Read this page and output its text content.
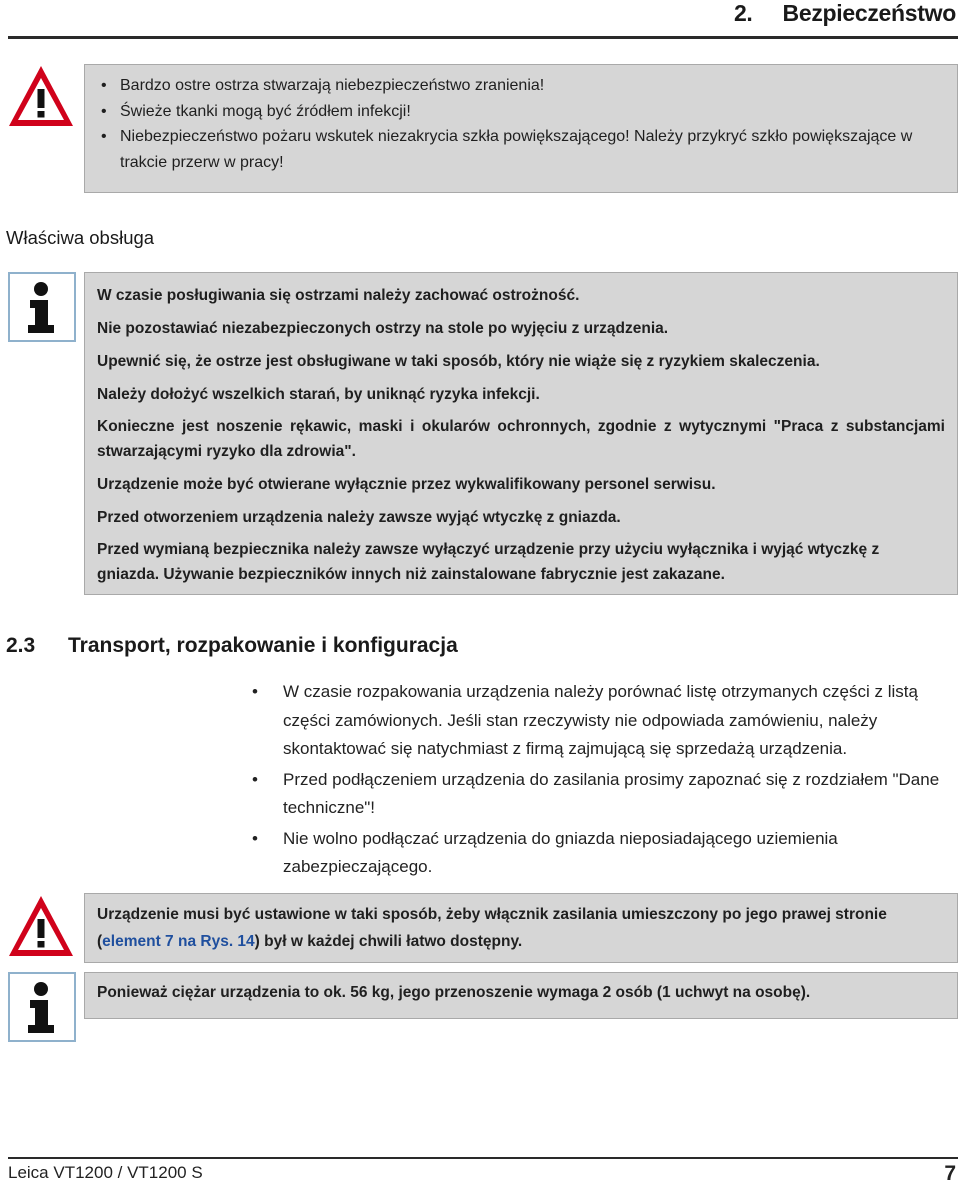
2. Bezpieczeństwo
• Bardzo ostre ostrza stwarzają niebezpieczeństwo zranienia!
• Świeże tkanki mogą być źródłem infekcji!
• Niebezpieczeństwo pożaru wskutek niezakrycia szkła powiększającego! Należy przykryć szkło powiększające w trakcie przerw w pracy!
Właściwa obsługa

W czasie posługiwania się ostrzami należy zachować ostrożność.

Nie pozostawiać niezabezpieczonych ostrzy na stole po wyjęciu z urządzenia.

Upewnić się, że ostrze jest obsługiwane w taki sposób, który nie wiąże się z ryzykiem skaleczenia.

Należy dołożyć wszelkich starań, by uniknąć ryzyka infekcji.

Konieczne jest noszenie rękawic, maski i okularów ochronnych, zgodnie z wytycznymi "Praca z substancjami stwarzającymi ryzyko dla zdrowia".

Urządzenie może być otwierane wyłącznie przez wykwalifikowany personel serwisu.

Przed otworzeniem urządzenia należy zawsze wyjąć wtyczkę z gniazda.

Przed wymianą bezpiecznika należy zawsze wyłączyć urządzenie przy użyciu wyłącznika i wyjąć wtyczkę z gniazda. Używanie bezpieczników innych niż zainstalowane fabrycznie jest zakazane.

2.3 Transport, rozpakowanie i konfiguracja
• W czasie rozpakowania urządzenia należy porównać listę otrzymanych części z listą części zamówionych. Jeśli stan rzeczywisty nie odpowiada zamówieniu, należy skontaktować się natychmiast z firmą zajmującą się sprzedażą urządzenia.
• Przed podłączeniem urządzenia do zasilania prosimy zapoznać się z rozdziałem "Dane techniczne"!
• Nie wolno podłączać urządzenia do gniazda nieposiadającego uziemienia zabezpieczającego.
Urządzenie musi być ustawione w taki sposób, żeby włącznik zasilania umieszczony po jego prawej stronie (element 7 na Rys. 14) był w każdej chwili łatwo dostępny.
Ponieważ ciężar urządzenia to ok. 56 kg, jego przenoszenie wymaga 2 osób (1 uchwyt na osobę).
Leica VT1200 / VT1200 S	7
